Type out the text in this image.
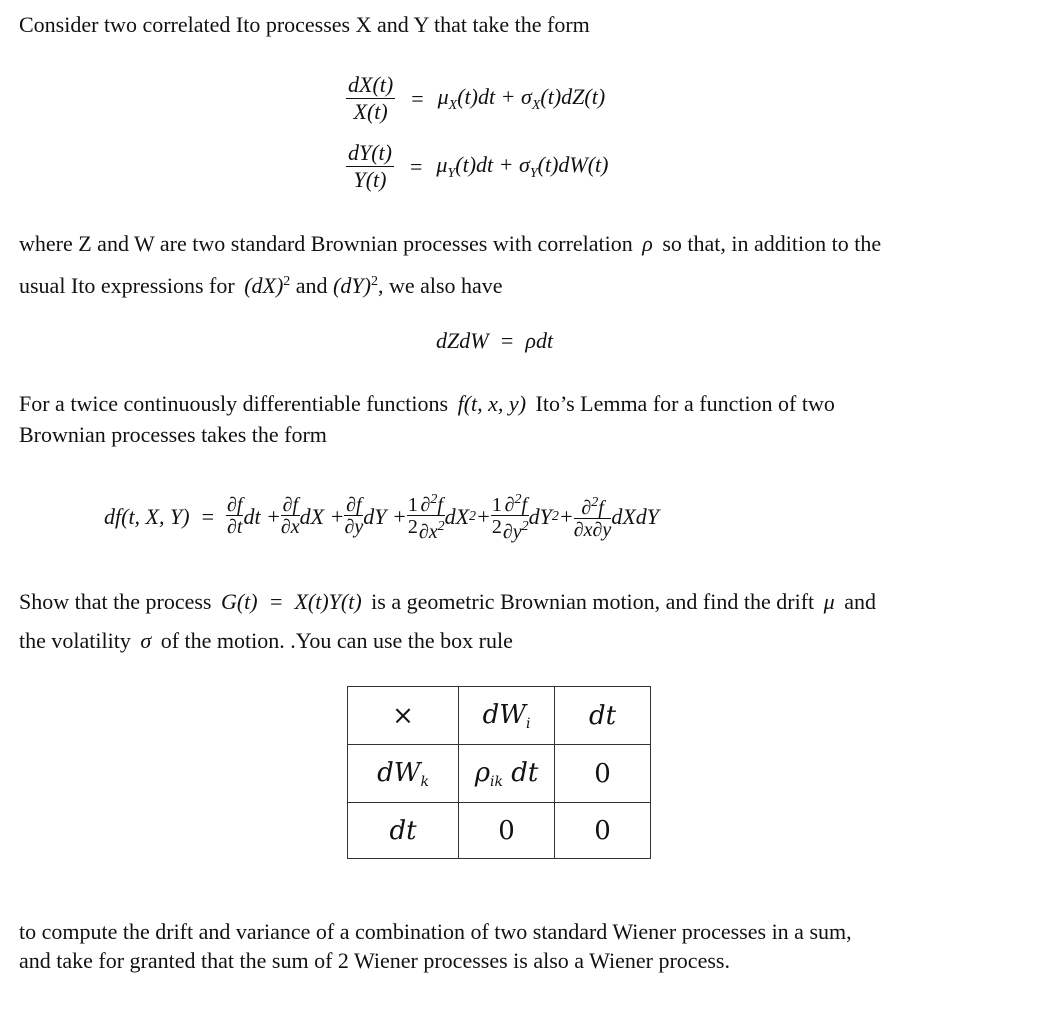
Consider two correlated Ito processes X and Y that take the form
$\frac{dX(t)}{X(t)} = \mu_X(t)dt + \sigma_X(t)dZ(t)$
$\frac{dY(t)}{Y(t)} = \mu_Y(t)dt + \sigma_Y(t)dW(t)$
where Z and W are two standard Brownian processes with correlation ρ so that, in addition to the
usual Ito expressions for (dX)$^2$ and (dY)$^2$, we also have
dZdW  =  ρdt
For a twice continuously differentiable functions f(t, x, y) Ito’s Lemma for a function of two
Brownian processes takes the form
df(t, X, $Y) = \frac{\partial f}{\partial t}$ dt + $\frac{\partial f}{\partial x}$ dX + $\frac{\partial f}{\partial y}$ dY + $\frac{1}{2} \frac{\partial^2f}{\partial x^2}$ dX $2 + \frac{1}{2} \frac{\partial^2f}{\partial y^2}$ dY $2 + \frac{\partial^2f}{\partial x\partial y}$ dXdY
Show that the process G(t)  =  X(t)Y(t) is a geometric Brownian motion, and find the drift μ and
the volatility σ of the motion. .You can use the box rule
×	$dW_i$	dt
$dW_k$	$\rho_{ik}$ dt	0
dt	0	0
to compute the drift and variance of a combination of two standard Wiener processes in a sum,
and take for granted that the sum of 2 Wiener processes is also a Wiener process.
